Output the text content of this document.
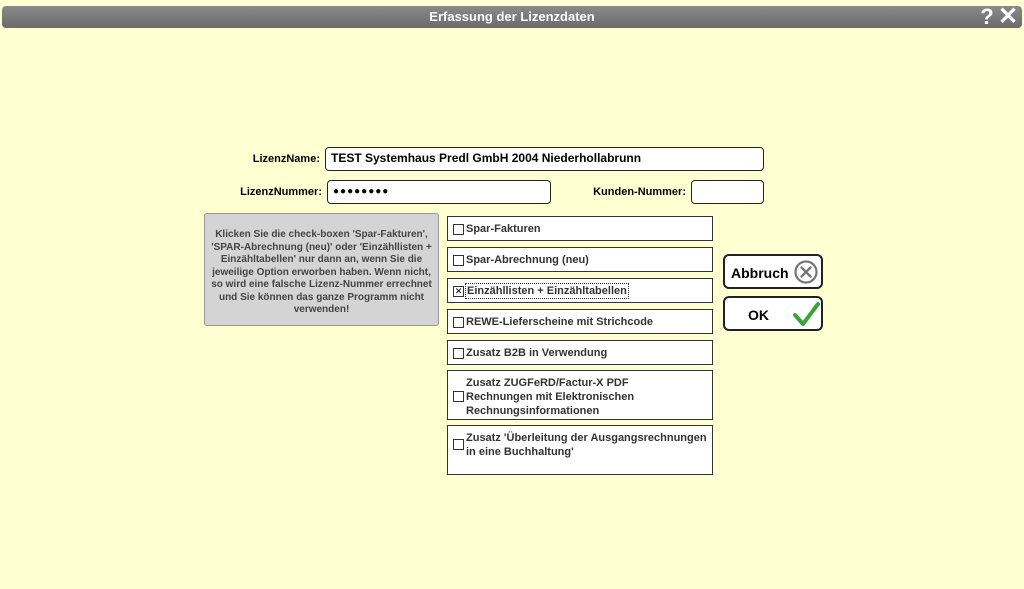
Erfassung der Lizenzdaten	? ✕
LizenzName: TEST Systemhaus Predl GmbH 2004 Niederhollabrunn
LizenzNummer:	●●●●●●●●	Kunden-Nummer:
Klicken Sie die check-boxen 'Spar-Fakturen', 'SPAR-Abrechnung (neu)' oder 'Einzähllisten + Einzähltabellen' nur dann an, wenn Sie die jeweilige Option erworben haben. Wenn nicht, so wird eine falsche Lizenz-Nummer errechnet und Sie können das ganze Programm nicht verwenden!
Spar-Fakturen
Spar-Abrechnung (neu)
✕ Einzähllisten + Einzähltabellen
REWE-Lieferscheine mit Strichcode
Zusatz B2B in Verwendung
Zusatz ZUGFeRD/Factur-X PDF Rechnungen mit Elektronischen Rechnungsinformationen
Zusatz 'Überleitung der Ausgangsrechnungen in eine Buchhaltung'
Abbruch
OK
